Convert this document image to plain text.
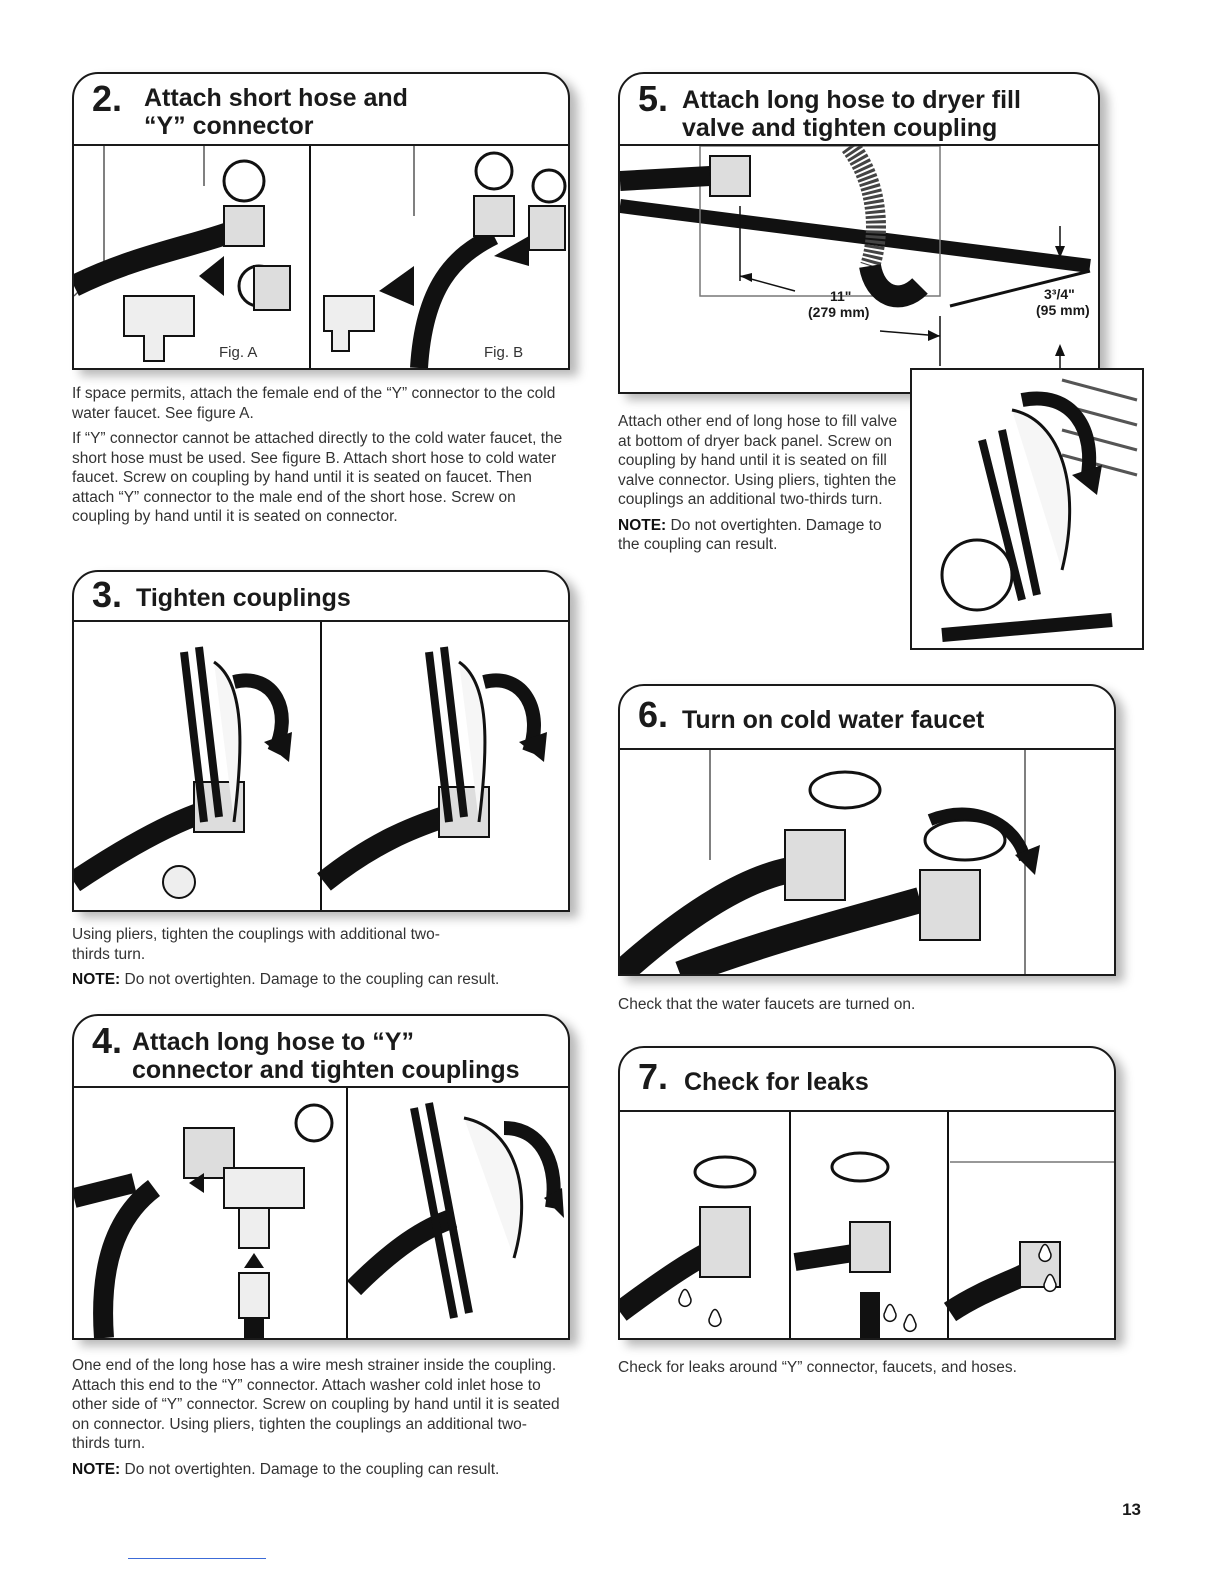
2. Attach short hose and
“Y” connector
Fig. A	Fig. B

If space permits, attach the female end of the “Y” connector to the cold water faucet. See figure A.

If “Y” connector cannot be attached directly to the cold water faucet, the short hose must be used. See figure B. Attach short hose to cold water faucet. Screw on coupling by hand until it is seated on faucet. Then attach “Y” connector to the male end of the short hose. Screw on coupling by hand until it is seated on connector.

3. Tighten couplings

Using pliers, tighten the couplings with additional two-thirds turn.

NOTE: Do not overtighten. Damage to the coupling can result.

4. Attach long hose to “Y”
connector and tighten couplings

One end of the long hose has a wire mesh strainer inside the coupling. Attach this end to the “Y” connector. Attach washer cold inlet hose to other side of “Y” connector. Screw on coupling by hand until it is seated on connector. Using pliers, tighten the couplings an additional two-thirds turn.

NOTE: Do not overtighten. Damage to the coupling can result.

5. Attach long hose to dryer fill
valve and tighten coupling
11"
(279 mm)
3³/4"
(95 mm)

Attach other end of long hose to fill valve at bottom of dryer back panel. Screw on coupling by hand until it is seated on fill valve connector. Using pliers, tighten the couplings an additional two-thirds turn.

NOTE: Do not overtighten. Damage to the coupling can result.

6. Turn on cold water faucet

Check that the water faucets are turned on.

7. Check for leaks

Check for leaks around “Y” connector, faucets, and hoses.

13
